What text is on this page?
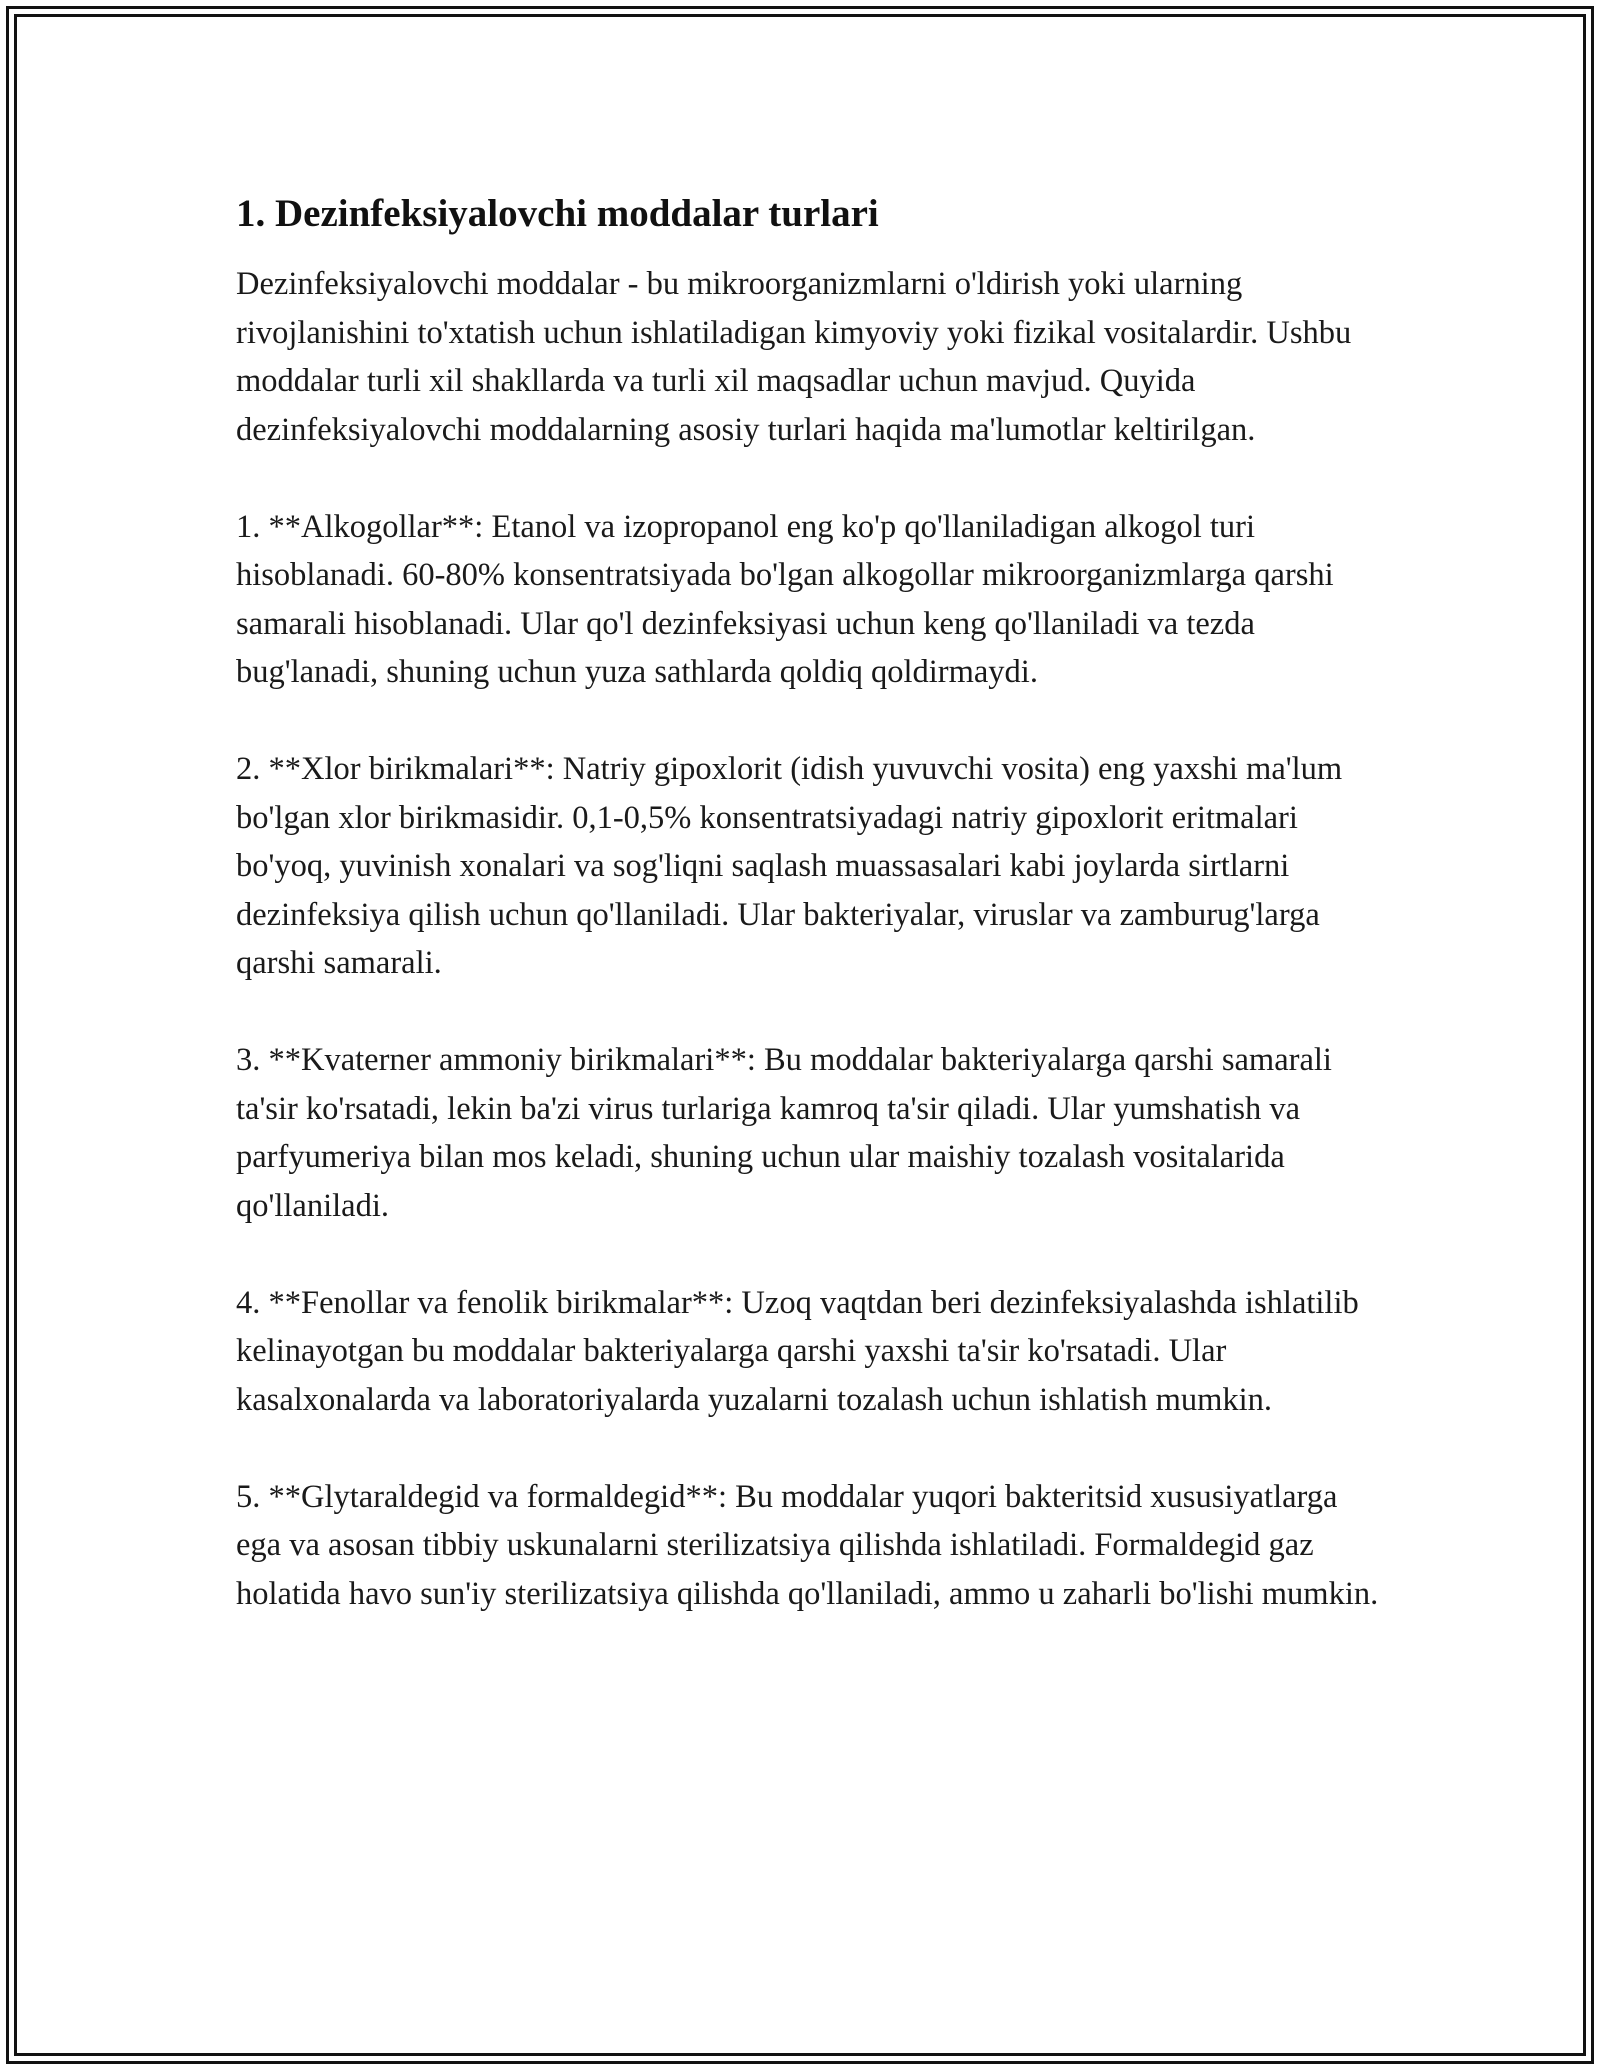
1. Dezinfeksiyalovchi moddalar turlari

Dezinfeksiyalovchi moddalar - bu mikroorganizmlarni o'ldirish yoki ularning rivojlanishini to'xtatish uchun ishlatiladigan kimyoviy yoki fizikal vositalardir. Ushbu moddalar turli xil shakllarda va turli xil maqsadlar uchun mavjud. Quyida dezinfeksiyalovchi moddalarning asosiy turlari haqida ma'lumotlar keltirilgan.

1. **Alkogollar**: Etanol va izopropanol eng ko'p qo'llaniladigan alkogol turi hisoblanadi. 60-80% konsentratsiyada bo'lgan alkogollar mikroorganizmlarga qarshi samarali hisoblanadi. Ular qo'l dezinfeksiyasi uchun keng qo'llaniladi va tezda bug'lanadi, shuning uchun yuza sathlarda qoldiq qoldirmaydi.

2. **Xlor birikmalari**: Natriy gipoxlorit (idish yuvuvchi vosita) eng yaxshi ma'lum bo'lgan xlor birikmasidir. 0,1-0,5% konsentratsiyadagi natriy gipoxlorit eritmalari bo'yoq, yuvinish xonalari va sog'liqni saqlash muassasalari kabi joylarda sirtlarni dezinfeksiya qilish uchun qo'llaniladi. Ular bakteriyalar, viruslar va zamburug'larga qarshi samarali.

3. **Kvaterner ammoniy birikmalari**: Bu moddalar bakteriyalarga qarshi samarali ta'sir ko'rsatadi, lekin ba'zi virus turlariga kamroq ta'sir qiladi. Ular yumshatish va parfyumeriya bilan mos keladi, shuning uchun ular maishiy tozalash vositalarida qo'llaniladi.

4. **Fenollar va fenolik birikmalar**: Uzoq vaqtdan beri dezinfeksiyalashda ishlatilib kelinayotgan bu moddalar bakteriyalarga qarshi yaxshi ta'sir ko'rsatadi. Ular kasalxonalarda va laboratoriyalarda yuzalarni tozalash uchun ishlatish mumkin.

5. **Glytaraldegid va formaldegid**: Bu moddalar yuqori bakteritsid xususiyatlarga ega va asosan tibbiy uskunalarni sterilizatsiya qilishda ishlatiladi. Formaldegid gaz holatida havo sun'iy sterilizatsiya qilishda qo'llaniladi, ammo u zaharli bo'lishi mumkin.
